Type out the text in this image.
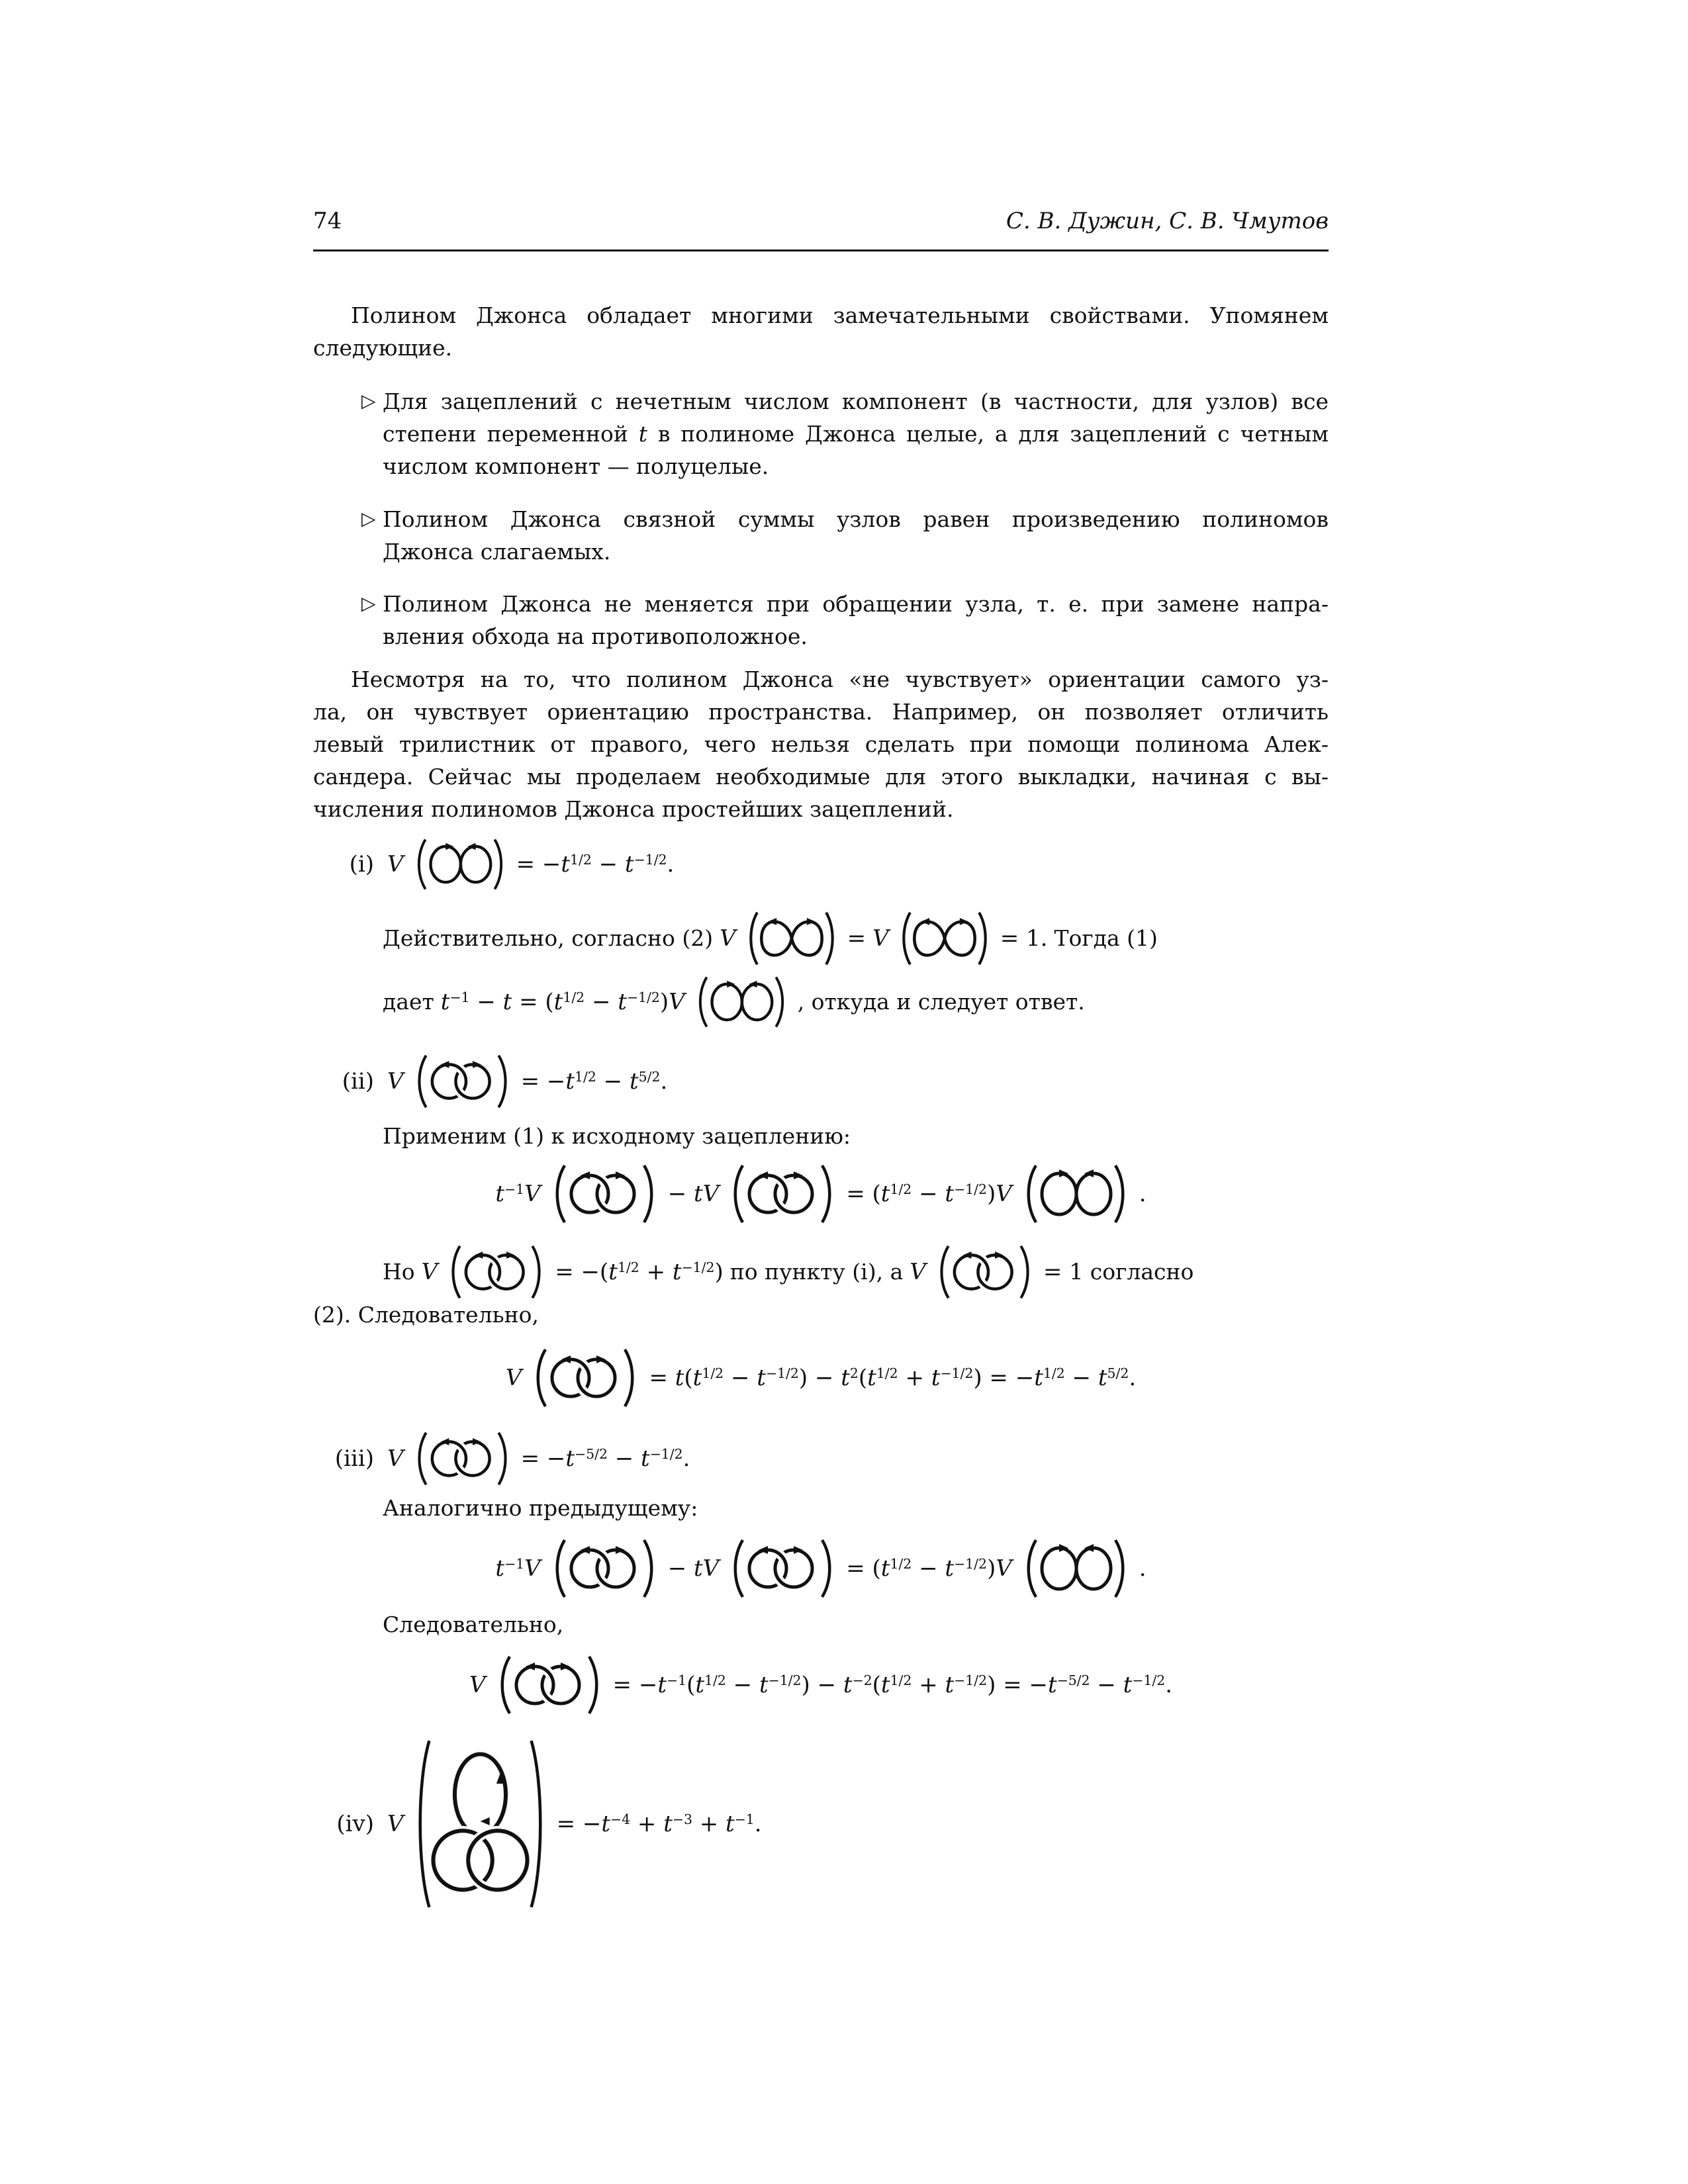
74	С. В. Дужин, С. В. Чмутов
Полином Джонса обладает многими замечательными свойствами. Упомянем
следующие.
▷ Для зацеплений с нечетным числом компонент (в частности, для узлов) все
степени переменной t в полиноме Джонса целые, а для зацеплений с четным
числом компонент — полуцелые.
▷ Полином Джонса связной суммы узлов равен произведению полиномов
Джонса слагаемых.
▷ Полином Джонса не меняется при обращении узла, т. е. при замене напра-
вления обхода на противоположное.
Несмотря на то, что полином Джонса «не чувствует» ориентации самого уз-
ла, он чувствует ориентацию пространства. Например, он позволяет отличить
левый трилистник от правого, чего нельзя сделать при помощи полинома Алек-
сандера. Сейчас мы проделаем необходимые для этого выкладки, начиная с вы-
числения полиномов Джонса простейших зацеплений.
(i) V	= $-t^{1/2} - t^{-1/2}$.
Действительно, согласно (2) V	= V	= 1. Тогда (1)
дает $t^{-1} - t = (t^{1/2} - t^{-1/2})V$	, откуда и следует ответ.
(ii) V	= $-t^{1/2} - t^{5/2}$.
Применим (1) к исходному зацеплению:
$t^{-1}V$	− tV	= $(t^{1/2} - t^{-1/2})V$	.
Но V	= $-(t^{1/2} + t^{-1/2})$ по пункту (i), а V	= 1 согласно
(2). Следовательно,
V	= $t(t^{1/2} - t^{-1/2}) - t^2(t^{1/2} + t^{-1/2}) = -t^{1/2} - t^{5/2}$.
(iii) V	= $-t^{-5/2} - t^{-1/2}$.
Аналогично предыдущему:
$t^{-1}V$	− tV	= $(t^{1/2} - t^{-1/2})V$	.
Следовательно,
V	= $-t^{-1}(t^{1/2} - t^{-1/2}) - t^{-2}(t^{1/2} + t^{-1/2}) = -t^{-5/2} - t^{-1/2}$.
(iv) V	= $-t^{-4} + t^{-3} + t^{-1}$.
